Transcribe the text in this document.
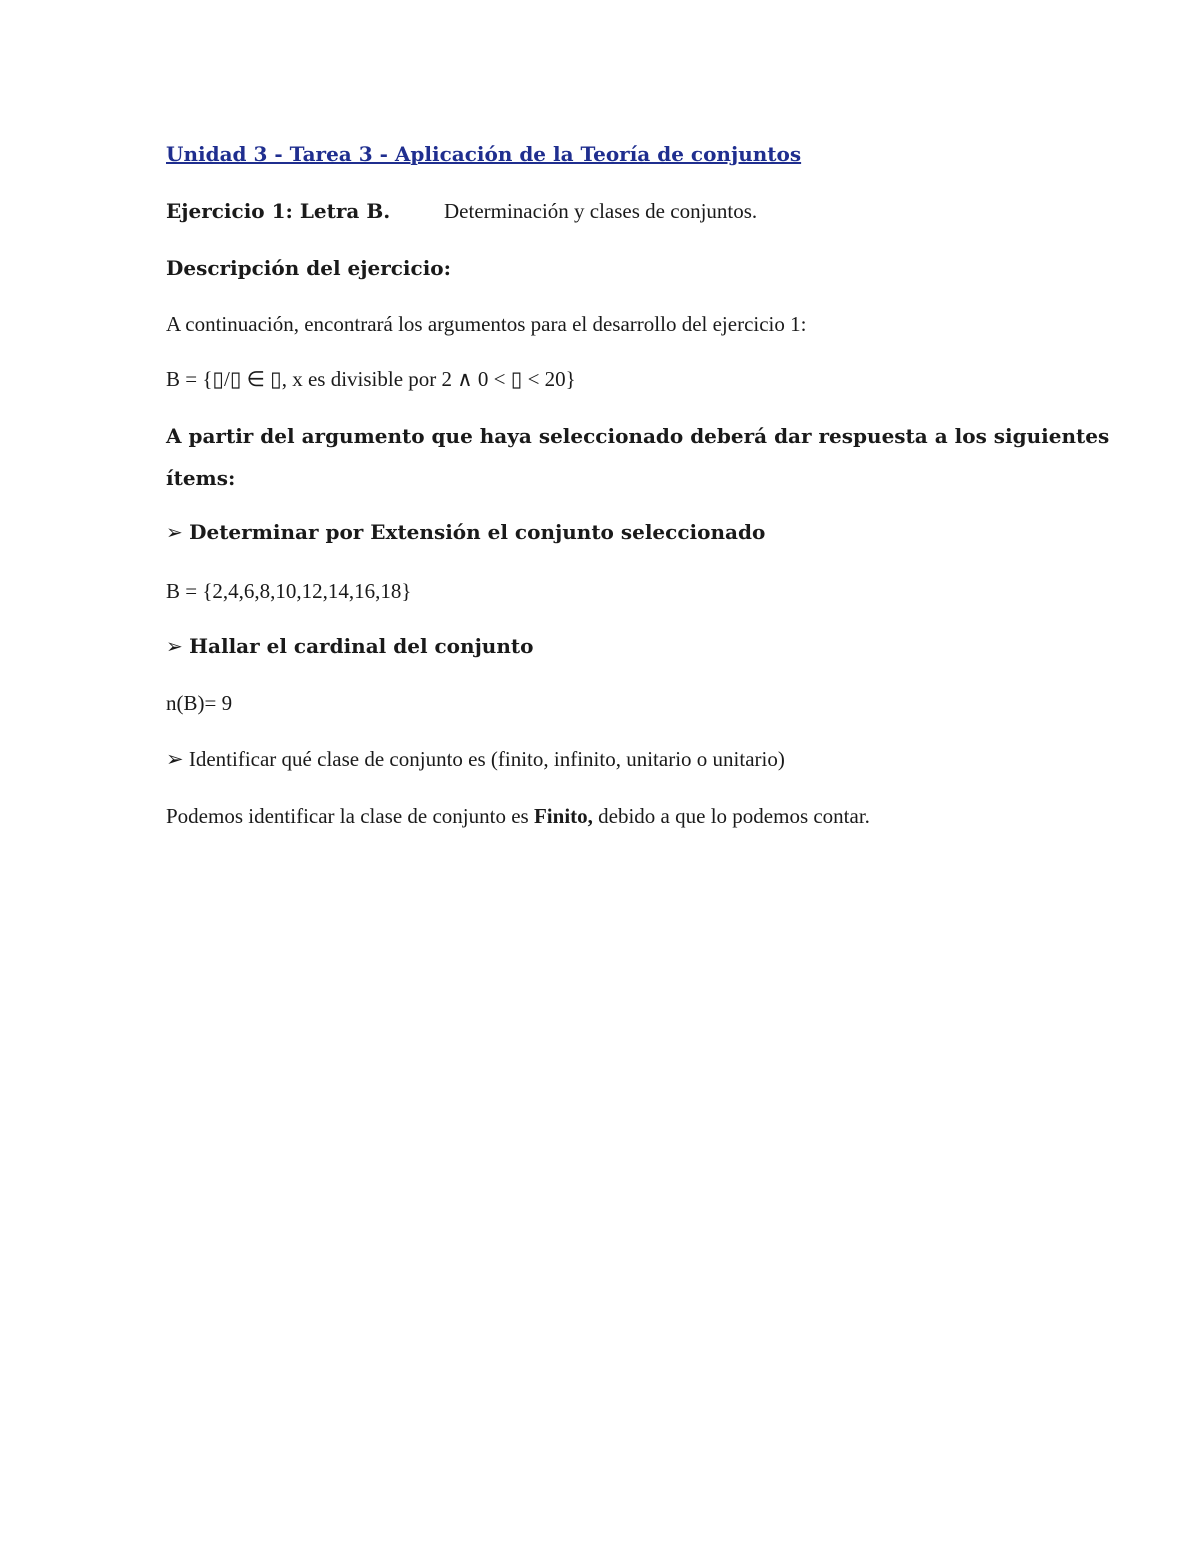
Unidad 3 - Tarea 3 - Aplicación de la Teoría de conjuntos
Ejercicio 1: Letra B.	Determinación y clases de conjuntos.
Descripción del ejercicio:
A continuación, encontrará los argumentos para el desarrollo del ejercicio 1:
B = {▯/▯ ∈ ▯, x es divisible por 2 ∧ 0 < ▯ < 20}
A partir del argumento que haya seleccionado deberá dar respuesta a los siguientes
ítems:
➢ Determinar por Extensión el conjunto seleccionado
B = {2,4,6,8,10,12,14,16,18}
➢ Hallar el cardinal del conjunto
n(B)= 9
➢ Identificar qué clase de conjunto es (finito, infinito, unitario o unitario)
Podemos identificar la clase de conjunto es Finito, debido a que lo podemos contar.
